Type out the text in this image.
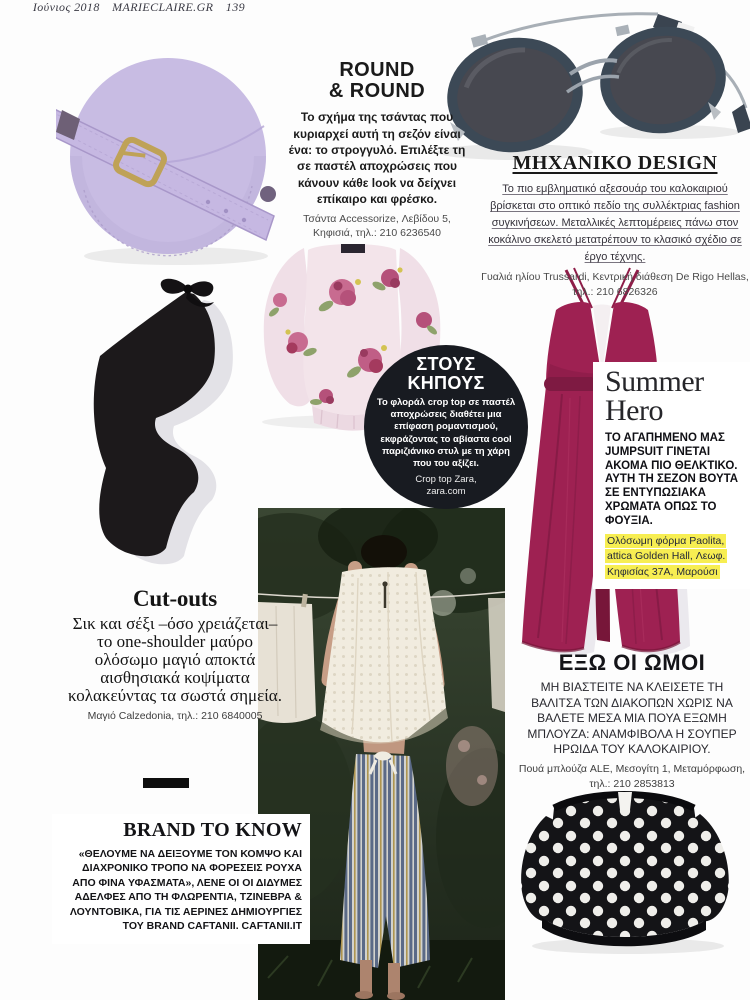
ROUND
& ROUND
Το σχήμα της τσάντας που κυριαρχεί αυτή τη σεζόν είναι ένα: το στρογγυλό. Επιλέξτε τη σε παστέλ αποχρώσεις που κάνουν κάθε look να δείχνει επίκαιρο και φρέσκο.
Τσάντα Accessorize, Λεβίδου 5, Κηφισιά, τηλ.: 210 6236540
ΜΗΧΑΝΙΚΟ DESIGN
Το πιο εμβληματικό αξεσουάρ του καλοκαιριού βρίσκεται στο οπτικό πεδίο της συλλέκτριας fashion συγκινήσεων. Μεταλλικές λεπτομέρειες πάνω στον κοκάλινο σκελετό μετατρέπουν το κλασικό σχέδιο σε έργο τέχνης.
Γυαλιά ηλίου Trussardi, Κεντρική διάθεση De Rigo Hellas, τηλ.: 210 6826326
ΣΤΟΥΣ
ΚΗΠΟΥΣ
Το φλοράλ crop top σε παστέλ αποχρώσεις διαθέτει μια επίφαση ρομαντισμού, εκφράζοντας το αβίαστα cool παριζιάνικο στυλ με τη χάρη που του αξίζει.
Crop top Zara,
zara.com
Summer
Hero
ΤΟ ΑΓΑΠΗΜΕΝΟ ΜΑΣ JUMPSUIT ΓΙΝΕΤΑΙ ΑΚΟΜΑ ΠΙΟ ΘΕΛΚΤΙΚΟ. ΑΥΤΗ ΤΗ ΣΕΖΟΝ ΒΟΥΤΑ ΣΕ ΕΝΤΥΠΩΣΙΑΚΑ ΧΡΩΜΑΤΑ ΟΠΩΣ ΤΟ ΦΟΥΞΙΑ.
Ολόσωμη φόρμα Paolita, attica Golden Hall, Λεωφ. Κηφισίας 37Α, Μαρούσι
Cut-outs
Σικ και σέξι –όσο χρειάζεται– το one-shoulder μαύρο ολόσωμο μαγιό αποκτά αισθησιακά κοψίματα κολακεύντας τα σωστά σημεία.
Μαγιό Calzedonia, τηλ.: 210 6840005
ΕΞΩ ΟΙ ΩΜΟΙ
ΜΗ ΒΙΑΣΤΕΙΤΕ ΝΑ ΚΛΕΙΣΕΤΕ ΤΗ ΒΑΛΙΤΣΑ ΤΩΝ ΔΙΑΚΟΠΩΝ ΧΩΡΙΣ ΝΑ ΒΑΛΕΤΕ ΜΕΣΑ ΜΙΑ ΠΟΥΑ ΕΞΩΜΗ ΜΠΛΟΥΖΑ: ΑΝΑΜΦΙΒΟΛΑ Η ΣΟΥΠΕΡ ΗΡΩΙΔΑ ΤΟΥ ΚΑΛΟΚΑΙΡΙΟΥ.
Πουά μπλούζα ALE, Μεσογίτη 1, Μεταμόρφωση, τηλ.: 210 2853813
BRAND TO KNOW
«ΘΕΛΟΥΜΕ ΝΑ ΔΕΙΞΟΥΜΕ ΤΟΝ ΚΟΜΨΟ ΚΑΙ ΔΙΑΧΡΟΝΙΚΟ ΤΡΟΠΟ ΝΑ ΦΟΡΕΣΕΙΣ ΡΟΥΧΑ ΑΠΟ ΦΙΝΑ ΥΦΑΣΜΑΤΑ», ΛΕΝΕ ΟΙ ΟΙ ΔΙΔΥΜΕΣ ΑΔΕΛΦΕΣ ΑΠΟ ΤΗ ΦΛΩΡΕΝΤΙΑ, ΤΖΙΝΕΒΡΑ & ΛΟΥΝΤΟΒΙΚΑ, ΓΙΑ ΤΙΣ ΑΕΡΙΝΕΣ ΔΗΜΙΟΥΡΓΙΕΣ ΤΟΥ BRAND CAFTANII. CAFTANII.IT
Ιούνιος 2018 MARIECLAIRE.GR 139
